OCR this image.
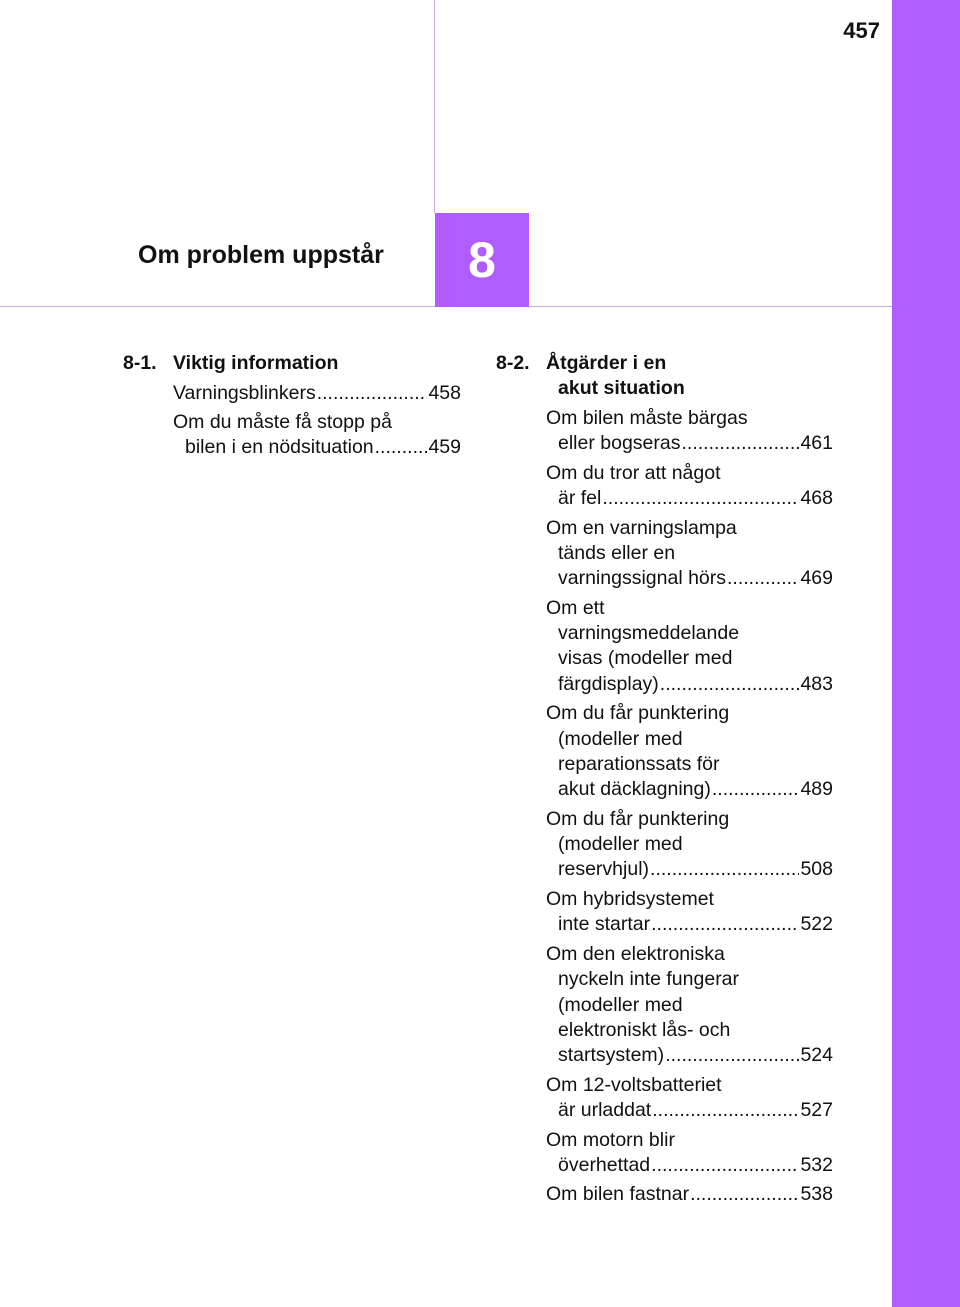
457
Om problem uppstår	8
8-1. Viktig information
Varningsblinkers .....	458
Om du måste få stopp på
bilen i en nödsituation .....	459
8-2. Åtgärder i en
akut situation
Om bilen måste bärgas
eller bogseras .....	461
Om du tror att något
är fel .....	468
Om en varningslampa
tänds eller en
varningssignal hörs .....	469
Om ett
varningsmeddelande
visas (modeller med
färgdisplay) .....	483
Om du får punktering
(modeller med
reparationssats för
akut däcklagning) .....	489
Om du får punktering
(modeller med
reservhjul) .....	508
Om hybridsystemet
inte startar .....	522
Om den elektroniska
nyckeln inte fungerar
(modeller med
elektroniskt lås- och
startsystem) .....	524
Om 12-voltsbatteriet
är urladdat .....	527
Om motorn blir
överhettad .....	532
Om bilen fastnar .....	538
